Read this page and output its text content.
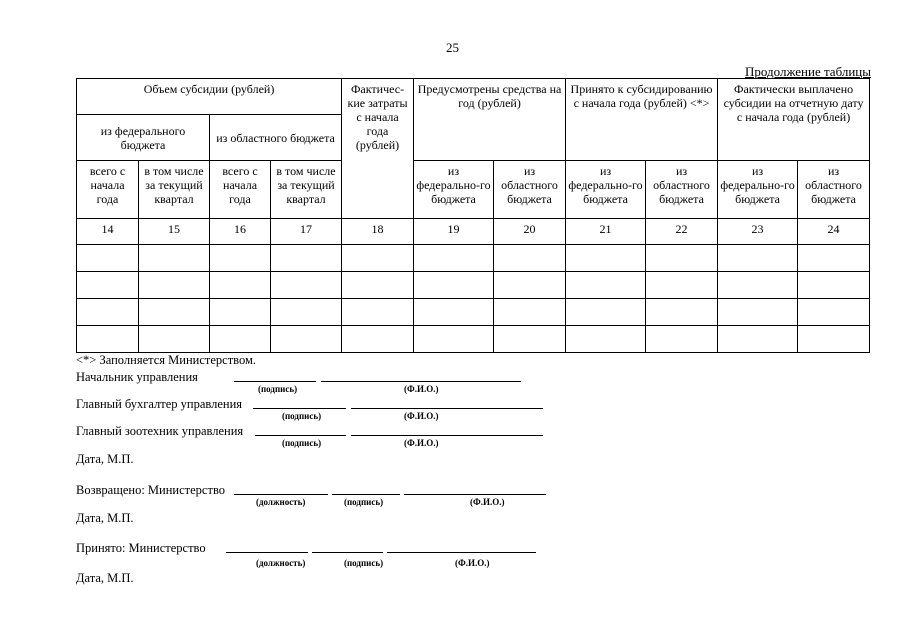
25
Продолжение таблицы
Объем субсидии (рублей)				Фактичес-кие затраты с начала года (рублей)	Предусмотрены средства на год (рублей)		Принято к субсидированию с начала года (рублей) <*>		Фактически выплачено субсидии на отчетную дату с начала года (рублей)	
из федерального бюджета		из областного бюджета								
всего с начала года	в том числе за текущий квартал	всего с начала года	в том числе за текущий квартал		из федерально-го бюджета	из областного бюджета	из федерально-го бюджета	из областного бюджета	из федерально-го бюджета	из областного бюджета
14	15	16	17	18	19	20	21	22	23	24

<*> Заполняется Министерством.
Начальник управления
(подпись)	(Ф.И.О.)
Главный бухгалтер управления
(подпись)	(Ф.И.О.)
Главный зоотехник управления
(подпись)	(Ф.И.О.)
Дата, М.П.
Возвращено: Министерство
(должность)	(подпись)	(Ф.И.О.)
Дата, М.П.
Принято: Министерство
(должность)	(подпись)	(Ф.И.О.)
Дата, М.П.
